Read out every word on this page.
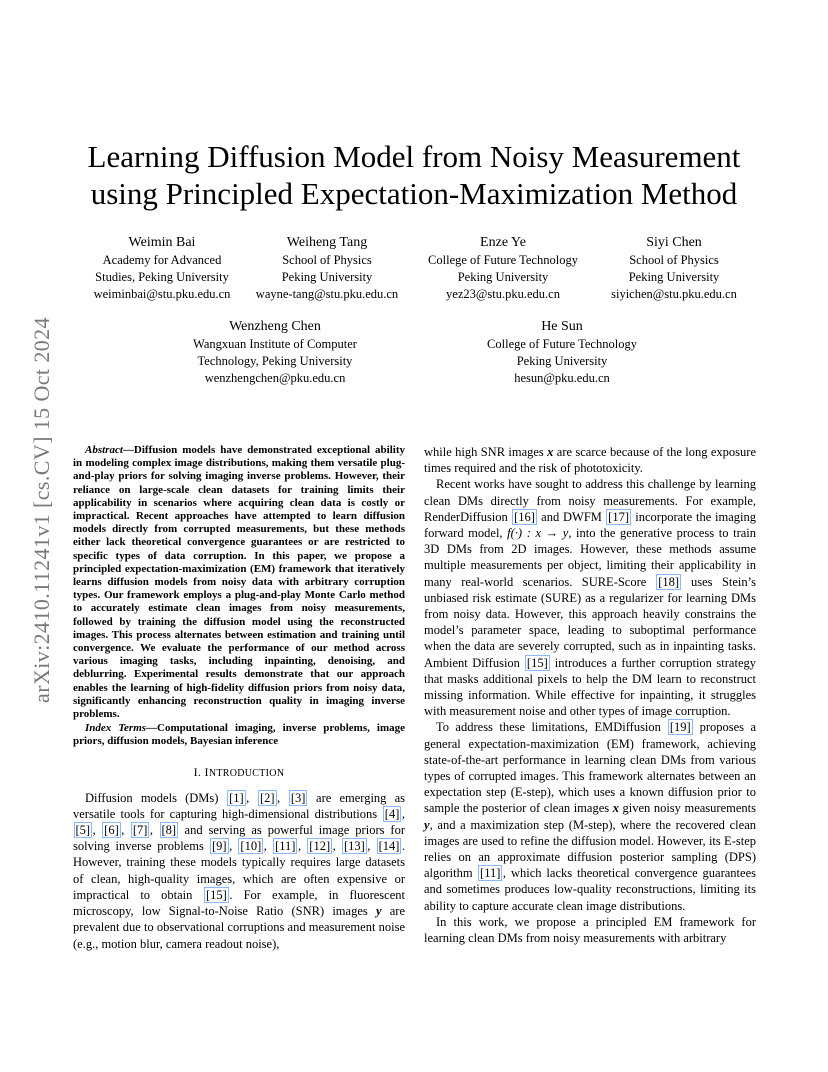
arXiv:2410.11241v1 [cs.CV] 15 Oct 2024
Learning Diffusion Model from Noisy Measurement
using Principled Expectation-Maximization Method
Weimin Bai
Academy for Advanced
Studies, Peking University
weiminbai@stu.pku.edu.cn
Weiheng Tang
School of Physics
Peking University
wayne-tang@stu.pku.edu.cn
Enze Ye
College of Future Technology
Peking University
yez23@stu.pku.edu.cn
Siyi Chen
School of Physics
Peking University
siyichen@stu.pku.edu.cn
Wenzheng Chen
Wangxuan Institute of Computer
Technology, Peking University
wenzhengchen@pku.edu.cn
He Sun
College of Future Technology
Peking University
hesun@pku.edu.cn

Abstract—Diffusion models have demonstrated exceptional ability in modeling complex image distributions, making them versatile plug-and-play priors for solving imaging inverse problems. However, their reliance on large-scale clean datasets for training limits their applicability in scenarios where acquiring clean data is costly or impractical. Recent approaches have attempted to learn diffusion models directly from corrupted measurements, but these methods either lack theoretical convergence guarantees or are restricted to specific types of data corruption. In this paper, we propose a principled expectation-maximization (EM) framework that iteratively learns diffusion models from noisy data with arbitrary corruption types. Our framework employs a plug-and-play Monte Carlo method to accurately estimate clean images from noisy measurements, followed by training the diffusion model using the reconstructed images. This process alternates between estimation and training until convergence. We evaluate the performance of our method across various imaging tasks, including inpainting, denoising, and deblurring. Experimental results demonstrate that our approach enables the learning of high-fidelity diffusion priors from noisy data, significantly enhancing reconstruction quality in imaging inverse problems.

Index Terms—Computational imaging, inverse problems, image priors, diffusion models, Bayesian inference

I. INTRODUCTION

Diffusion models (DMs) [1] , [2] , [3] are emerging as versatile tools for capturing high-dimensional distributions [4] , [5] , [6] , [7] , [8] and serving as powerful image priors for solving inverse problems [9] , [10] , [11] , [12] , [13] , [14] . However, training these models typically requires large datasets of clean, high-quality images, which are often expensive or impractical to obtain [15] . For example, in fluorescent microscopy, low Signal-to-Noise Ratio (SNR) images y are prevalent due to observational corruptions and measurement noise (e.g., motion blur, camera readout noise),

while high SNR images x are scarce because of the long exposure times required and the risk of phototoxicity.

Recent works have sought to address this challenge by learning clean DMs directly from noisy measurements. For example, RenderDiffusion [16] and DWFM [17] incorporate the imaging forward model, f(·) : x → y, into the generative process to train 3D DMs from 2D images. However, these methods assume multiple measurements per object, limiting their applicability in many real-world scenarios. SURE-Score [18] uses Stein’s unbiased risk estimate (SURE) as a regularizer for learning DMs from noisy data. However, this approach heavily constrains the model’s parameter space, leading to suboptimal performance when the data are severely corrupted, such as in inpainting tasks. Ambient Diffusion [15] introduces a further corruption strategy that masks additional pixels to help the DM learn to reconstruct missing information. While effective for inpainting, it struggles with measurement noise and other types of image corruption.

To address these limitations, EMDiffusion [19] proposes a general expectation-maximization (EM) framework, achieving state-of-the-art performance in learning clean DMs from various types of corrupted images. This framework alternates between an expectation step (E-step), which uses a known diffusion prior to sample the posterior of clean images x given noisy measurements y, and a maximization step (M-step), where the recovered clean images are used to refine the diffusion model. However, its E-step relies on an approximate diffusion posterior sampling (DPS) algorithm [11] , which lacks theoretical convergence guarantees and sometimes produces low-quality reconstructions, limiting its ability to capture accurate clean image distributions.

In this work, we propose a principled EM framework for learning clean DMs from noisy measurements with arbitrary
